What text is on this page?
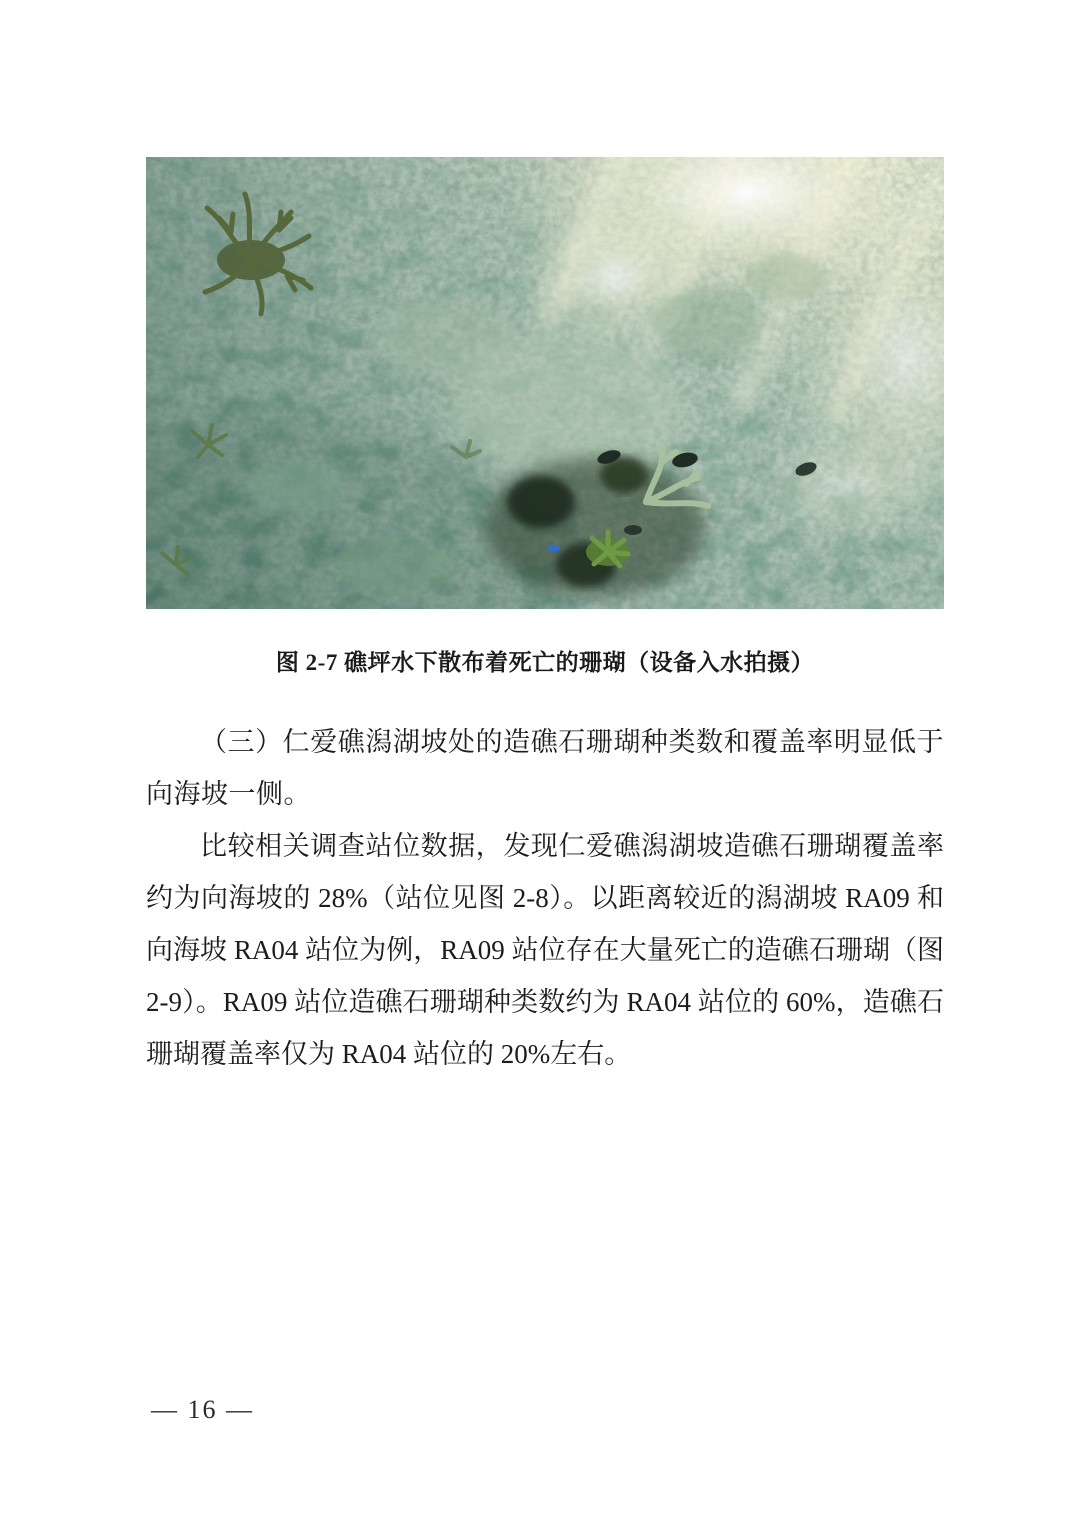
图 2-7 礁坪水下散布着死亡的珊瑚（设备入水拍摄）
（三）仁爱礁潟湖坡处的造礁石珊瑚种类数和覆盖率明显低于
向海坡一侧。
比较相关调查站位数据，发现仁爱礁潟湖坡造礁石珊瑚覆盖率
约为向海坡的 28%（站位见图 2-8）。以距离较近的潟湖坡 RA09 和
向海坡 RA04 站位为例，RA09 站位存在大量死亡的造礁石珊瑚（图
2-9）。RA09 站位造礁石珊瑚种类数约为 RA04 站位的 60%，造礁石
珊瑚覆盖率仅为 RA04 站位的 20%左右。
— 16 —
